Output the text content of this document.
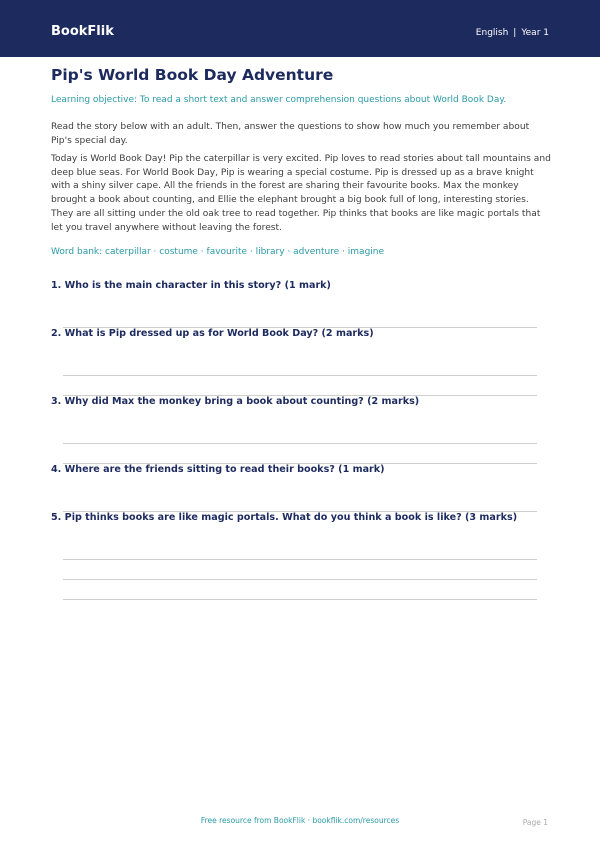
BookFlik	English | Year 1
Pip's World Book Day Adventure

Learning objective: To read a short text and answer comprehension questions about World Book Day.

Read the story below with an adult. Then, answer the questions to show how much you remember about Pip's special day.

Today is World Book Day! Pip the caterpillar is very excited. Pip loves to read stories about tall mountains and deep blue seas. For World Book Day, Pip is wearing a special costume. Pip is dressed up as a brave knight with a shiny silver cape. All the friends in the forest are sharing their favourite books. Max the monkey brought a book about counting, and Ellie the elephant brought a big book full of long, interesting stories. They are all sitting under the old oak tree to read together. Pip thinks that books are like magic portals that let you travel anywhere without leaving the forest.

Word bank: caterpillar · costume · favourite · library · adventure · imagine

1. Who is the main character in this story? (1 mark)

2. What is Pip dressed up as for World Book Day? (2 marks)

3. Why did Max the monkey bring a book about counting? (2 marks)

4. Where are the friends sitting to read their books? (1 mark)

5. Pip thinks books are like magic portals. What do you think a book is like? (3 marks)

Free resource from BookFlik · bookflik.com/resources	Page 1
